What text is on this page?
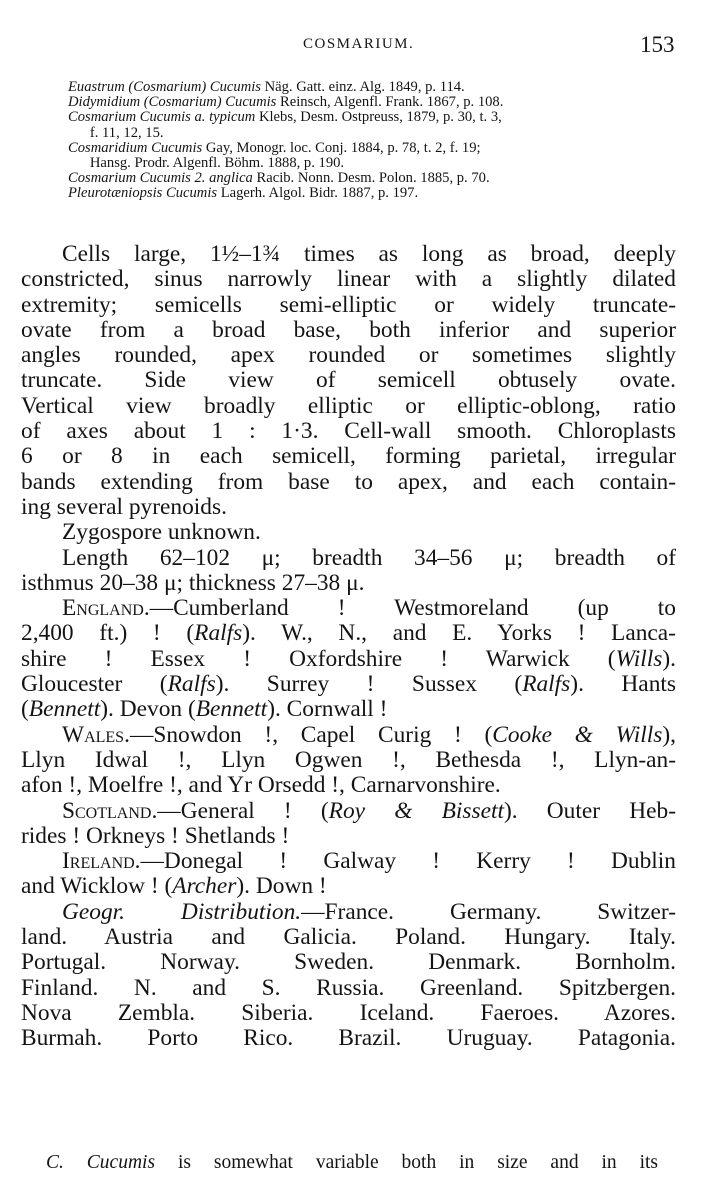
COSMARIUM.	153
Euastrum (Cosmarium) Cucumis Näg. Gatt. einz. Alg. 1849, p. 114.
Didymidium (Cosmarium) Cucumis Reinsch, Algenfl. Frank. 1867, p. 108.
Cosmarium Cucumis a. typicum Klebs, Desm. Ostpreuss, 1879, p. 30, t. 3,
f. 11, 12, 15.
Cosmaridium Cucumis Gay, Monogr. loc. Conj. 1884, p. 78, t. 2, f. 19;
Hansg. Prodr. Algenfl. Böhm. 1888, p. 190.
Cosmarium Cucumis 2. anglica Racib. Nonn. Desm. Polon. 1885, p. 70.
Pleurotæniopsis Cucumis Lagerh. Algol. Bidr. 1887, p. 197.
Cells large, 1½–1¾ times as long as broad, deeply
constricted, sinus narrowly linear with a slightly dilated
extremity; semicells semi-elliptic or widely truncate-
ovate from a broad base, both inferior and superior
angles rounded, apex rounded or sometimes slightly
truncate. Side view of semicell obtusely ovate.
Vertical view broadly elliptic or elliptic-oblong, ratio
of axes about 1 : 1·3. Cell-wall smooth. Chloroplasts
6 or 8 in each semicell, forming parietal, irregular
bands extending from base to apex, and each contain-
ing several pyrenoids.
Zygospore unknown.
Length 62–102 μ; breadth 34–56 μ; breadth of
isthmus 20–38 μ; thickness 27–38 μ.
England.—Cumberland ! Westmoreland (up to
2,400 ft.) ! (Ralfs). W., N., and E. Yorks ! Lanca-
shire ! Essex ! Oxfordshire ! Warwick (Wills).
Gloucester (Ralfs). Surrey ! Sussex (Ralfs). Hants
(Bennett). Devon (Bennett). Cornwall !
Wales.—Snowdon !, Capel Curig ! (Cooke & Wills),
Llyn Idwal !, Llyn Ogwen !, Bethesda !, Llyn-an-
afon !, Moelfre !, and Yr Orsedd !, Carnarvonshire.
Scotland.—General ! (Roy & Bissett). Outer Heb-
rides ! Orkneys ! Shetlands !
Ireland.—Donegal ! Galway ! Kerry ! Dublin
and Wicklow ! (Archer). Down !
Geogr. Distribution.—France. Germany. Switzer-
land. Austria and Galicia. Poland. Hungary. Italy.
Portugal. Norway. Sweden. Denmark. Bornholm.
Finland. N. and S. Russia. Greenland. Spitzbergen.
Nova Zembla. Siberia. Iceland. Faeroes. Azores.
Burmah. Porto Rico. Brazil. Uruguay. Patagonia.
C. Cucumis is somewhat variable both in size and in its
